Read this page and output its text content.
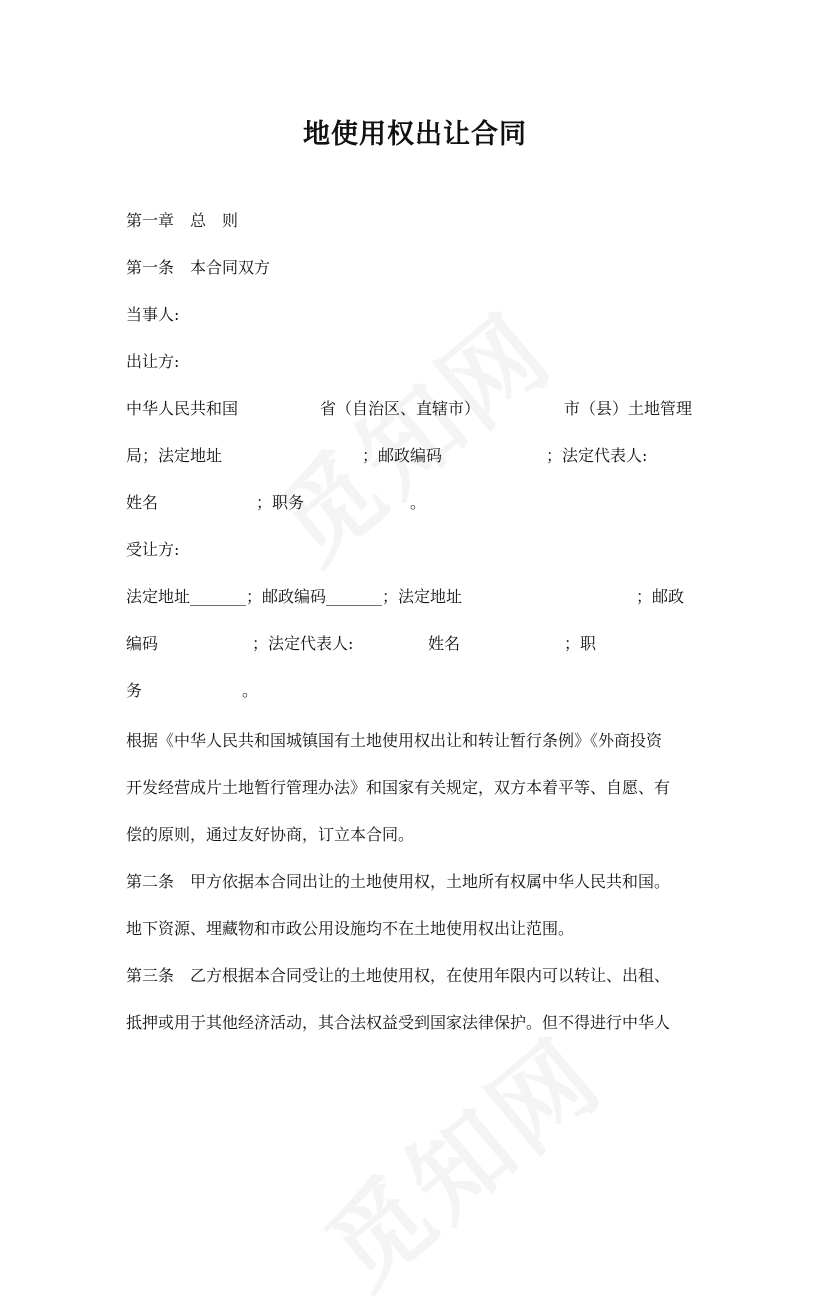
地使用权出让合同
第一章　总　则
第一条　本合同双方
当事人:
出让方:
中华人民共和国	省（自治区、直辖市）	市（县）土地管理
局；法定地址	；邮政编码	；法定代表人:
姓名	；职务	。
受让方:
法定地址_______；邮政编码_______；法定地址	；邮政
编码	；法定代表人:	姓名	；职
务	。
根据《中华人民共和国城镇国有土地使用权出让和转让暂行条例》《外商投资
开发经营成片土地暂行管理办法》和国家有关规定，双方本着平等、自愿、有
偿的原则，通过友好协商，订立本合同。
第二条　甲方依据本合同出让的土地使用权，土地所有权属中华人民共和国。
地下资源、埋藏物和市政公用设施均不在土地使用权出让范围。
第三条　乙方根据本合同受让的土地使用权，在使用年限内可以转让、出租、
抵押或用于其他经济活动，其合法权益受到国家法律保护。但不得进行中华人
